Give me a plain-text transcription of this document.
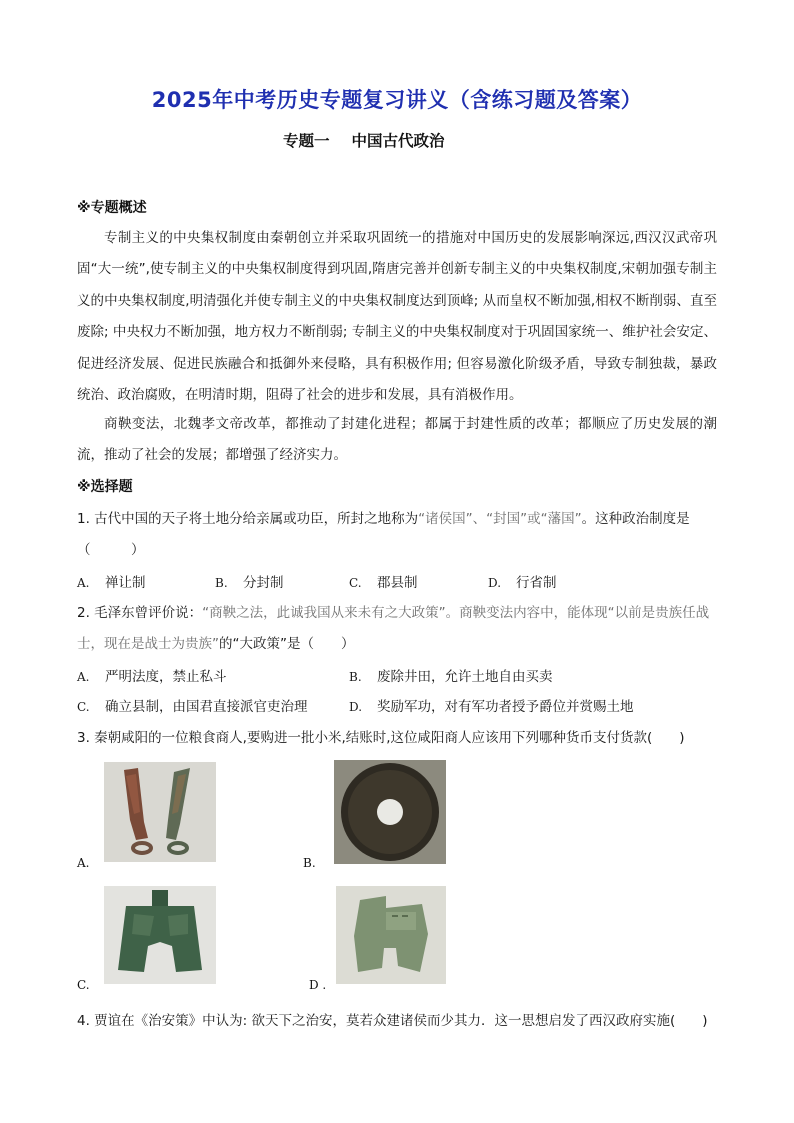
2025年中考历史专题复习讲义（含练习题及答案）
专题一 中国古代政治
※专题概述
专制主义的中央集权制度由秦朝创立并采取巩固统一的措施对中国历史的发展影响深远,西汉汉武帝巩固“大一统”,使专制主义的中央集权制度得到巩固,隋唐完善并创新专制主义的中央集权制度,宋朝加强专制主义的中央集权制度,明清强化并使专制主义的中央集权制度达到顶峰; 从而皇权不断加强,相权不断削弱、直至废除; 中央权力不断加强，地方权力不断削弱; 专制主义的中央集权制度对于巩固国家统一、维护社会安定、促进经济发展、促进民族融合和抵御外来侵略，具有积极作用; 但容易激化阶级矛盾，导致专制独裁，暴政统治、政治腐败，在明清时期，阻碍了社会的进步和发展，具有消极作用。
商鞅变法，北魏孝文帝改革，都推动了封建化进程；都属于封建性质的改革；都顺应了历史发展的潮流，推动了社会的发展；都增强了经济实力。
※选择题
1. 古代中国的天子将土地分给亲属或功臣，所封之地称为“诸侯国”、“封国”或“藩国”。这种政治制度是（　　　）
A. 禅让制	B. 分封制	C. 郡县制	D. 行省制
2. 毛泽东曾评价说：“商鞅之法，此诚我国从来未有之大政策”。商鞅变法内容中，能体现“以前是贵族任战士，现在是战士为贵族”的“大政策”是（　　）
A. 严明法度，禁止私斗	B. 废除井田，允许土地自由买卖
C. 确立县制，由国君直接派官吏治理	D. 奖励军功，对有军功者授予爵位并赏赐土地
3. 秦朝咸阳的一位粮食商人,要购进一批小米,结账时,这位咸阳商人应该用下列哪种货币支付货款(　　)
A.	B.
C.	D .
4. 贾谊在《治安策》中认为: 欲天下之治安，莫若众建诸侯而少其力．这一思想启发了西汉政府实施(　　)
